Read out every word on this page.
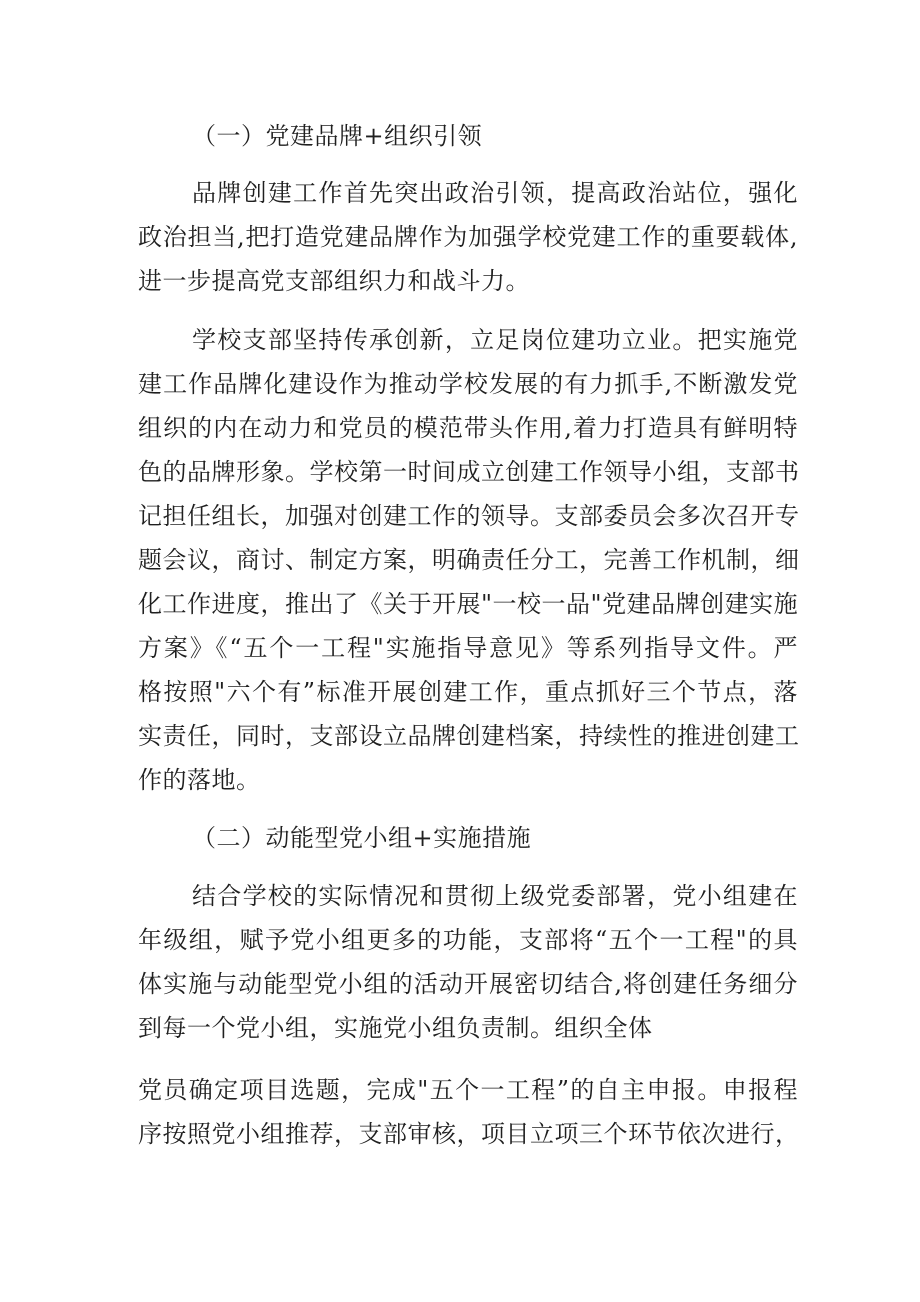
（一）党建品牌+组织引领
品牌创建工作首先突出政治引领，提高政治站位，强化
政治担当,把打造党建品牌作为加强学校党建工作的重要载体,
进一步提高党支部组织力和战斗力。
学校支部坚持传承创新，立足岗位建功立业。把实施党
建工作品牌化建设作为推动学校发展的有力抓手,不断激发党
组织的内在动力和党员的模范带头作用,着力打造具有鲜明特
色的品牌形象。学校第一时间成立创建工作领导小组，支部书
记担任组长，加强对创建工作的领导。支部委员会多次召开专
题会议，商讨、制定方案，明确责任分工，完善工作机制，细
化工作进度，推出了《关于开展"一校一品"党建品牌创建实施
方案》《“五个一工程"实施指导意见》等系列指导文件。严
格按照"六个有”标准开展创建工作，重点抓好三个节点，落
实责任，同时，支部设立品牌创建档案，持续性的推进创建工
作的落地。
（二）动能型党小组+实施措施
结合学校的实际情况和贯彻上级党委部署，党小组建在
年级组，赋予党小组更多的功能，支部将“五个一工程"的具
体实施与动能型党小组的活动开展密切结合,将创建任务细分
到每一个党小组，实施党小组负责制。组织全体
党员确定项目选题，完成"五个一工程”的自主申报。申报程
序按照党小组推荐，支部审核，项目立项三个环节依次进行，
